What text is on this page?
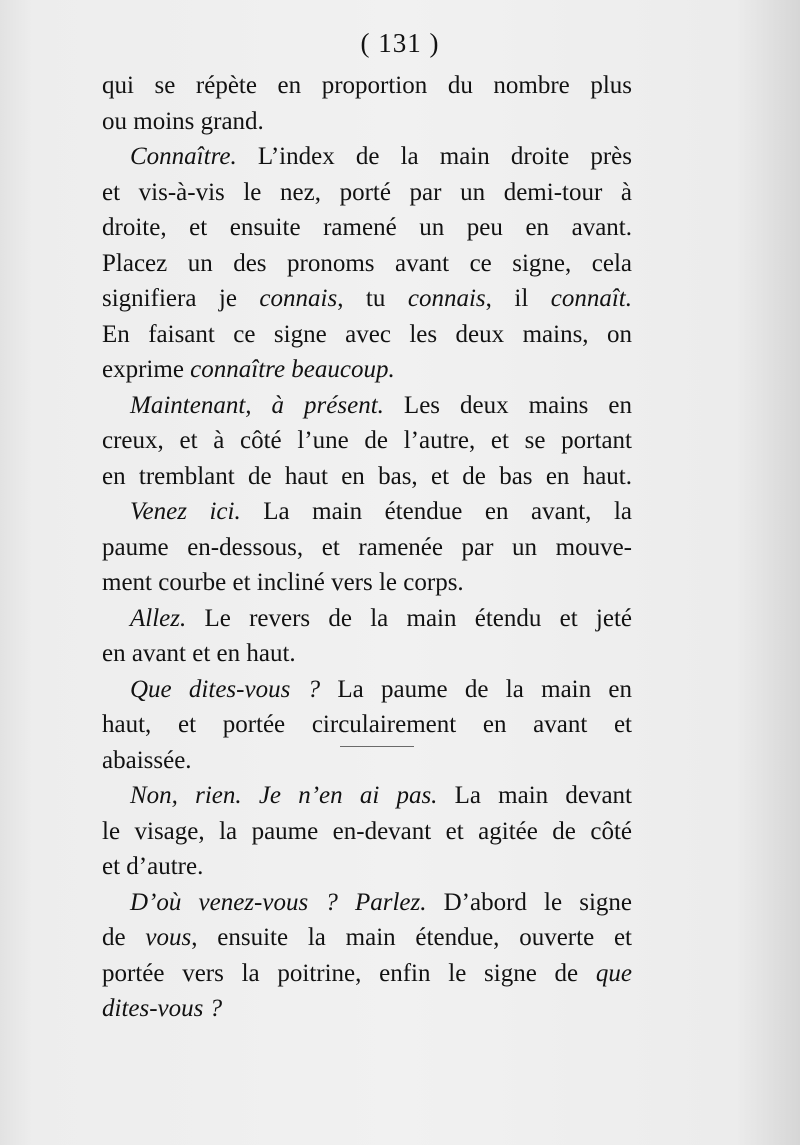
( 131 )
qui se répète en proportion du nombre plus
ou moins grand.
Connaître. L’index de la main droite près
et vis-à-vis le nez, porté par un demi-tour à
droite, et ensuite ramené un peu en avant.
Placez un des pronoms avant ce signe, cela
signifiera je connais, tu connais, il connaît.
En faisant ce signe avec les deux mains, on
exprime connaître beaucoup.
Maintenant, à présent. Les deux mains en
creux, et à côté l’une de l’autre, et se portant
en tremblant de haut en bas, et de bas en haut.
Venez ici. La main étendue en avant, la
paume en-dessous, et ramenée par un mouve-
ment courbe et incliné vers le corps.
Allez. Le revers de la main étendu et jeté
en avant et en haut.
Que dites-vous ? La paume de la main en
haut, et portée circulairement en avant et
abaissée.
Non, rien. Je n’en ai pas. La main devant
le visage, la paume en-devant et agitée de côté
et d’autre.
D’où venez-vous ? Parlez. D’abord le signe
de vous, ensuite la main étendue, ouverte et
portée vers la poitrine, enfin le signe de que
dites-vous ?
